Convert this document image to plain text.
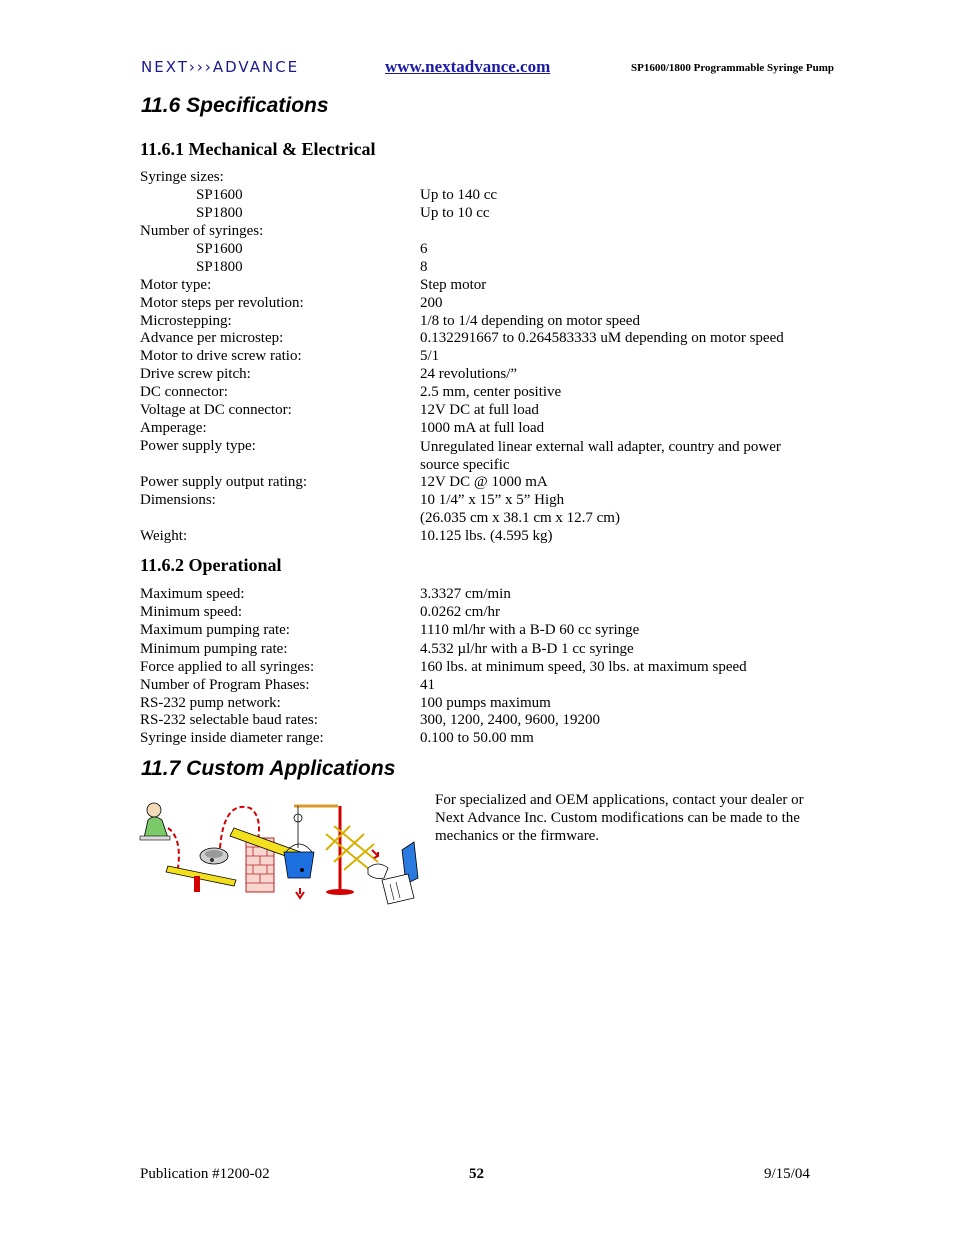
NEXT›››ADVANCE	www.nextadvance.com	SP1600/1800 Programmable Syringe Pump
11.6 Specifications
11.6.1 Mechanical & Electrical
Syringe sizes:
SP1600	Up to 140 cc
SP1800	Up to 10 cc
Number of syringes:
SP1600	6
SP1800	8
Motor type:	Step motor
Motor steps per revolution:	200
Microstepping:	1/8 to 1/4 depending on motor speed
Advance per microstep:	0.132291667 to 0.264583333 uM depending on motor speed
Motor to drive screw ratio:	5/1
Drive screw pitch:	24 revolutions/”
DC connector:	2.5 mm, center positive
Voltage at DC connector:	12V DC at full load
Amperage:	1000 mA at full load
Power supply type:	Unregulated linear external wall adapter, country and power source specific
Power supply output rating:	12V DC @ 1000 mA
Dimensions:	10 1/4” x 15” x 5” High
(26.035 cm x 38.1 cm x 12.7 cm)
Weight:	10.125 lbs. (4.595 kg)
11.6.2 Operational
Maximum speed:	3.3327 cm/min
Minimum speed:	0.0262 cm/hr
Maximum pumping rate:	1110 ml/hr with a B-D 60 cc syringe
Minimum pumping rate:	4.532 µl/hr with a B-D 1 cc syringe
Force applied to all syringes:	160 lbs. at minimum speed, 30 lbs. at maximum speed
Number of Program Phases:	41
RS-232 pump network:	100 pumps maximum
RS-232 selectable baud rates:	300, 1200, 2400, 9600, 19200
Syringe inside diameter range:	0.100 to 50.00 mm
11.7 Custom Applications
For specialized and OEM applications, contact your dealer or Next Advance Inc. Custom modifications can be made to the mechanics or the firmware.
Publication #1200-02	52	9/15/04
